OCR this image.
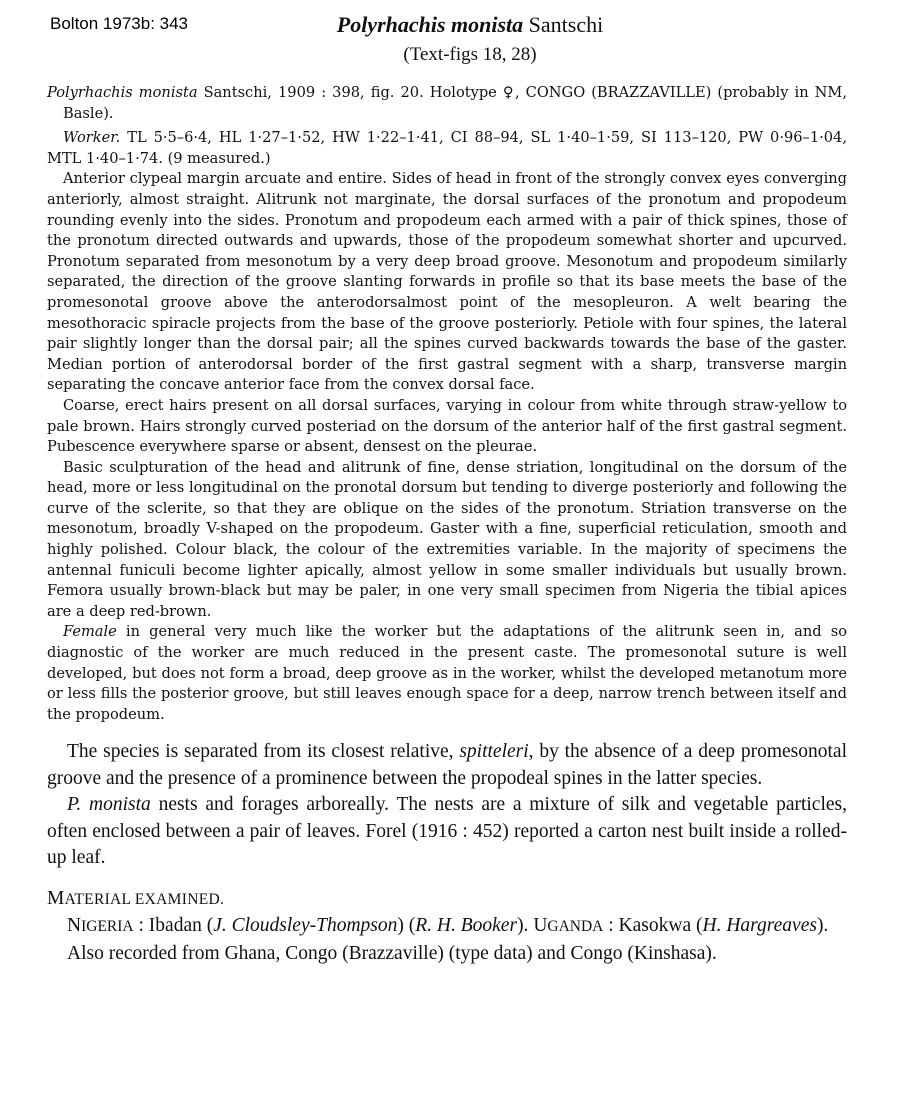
Bolton 1973b: 343	Polyrhachis monista Santschi
(Text-figs 18, 28)

Polyrhachis monista Santschi, 1909 : 398, fig. 20. Holotype ♀, CONGO (BRAZZAVILLE) (probably in NM, Basle).

Worker. TL 5·5–6·4, HL 1·27–1·52, HW 1·22–1·41, CI 88–94, SL 1·40–1·59, SI 113–120, PW 0·96–1·04, MTL 1·40–1·74. (9 measured.)

Anterior clypeal margin arcuate and entire. Sides of head in front of the strongly convex eyes converging anteriorly, almost straight. Alitrunk not marginate, the dorsal surfaces of the pronotum and propodeum rounding evenly into the sides. Pronotum and propodeum each armed with a pair of thick spines, those of the pronotum directed outwards and upwards, those of the propodeum somewhat shorter and upcurved. Pronotum separated from mesonotum by a very deep broad groove. Mesonotum and propodeum similarly separated, the direction of the groove slanting forwards in profile so that its base meets the base of the promesonotal groove above the anterodorsalmost point of the mesopleuron. A welt bearing the mesothoracic spiracle projects from the base of the groove posteriorly. Petiole with four spines, the lateral pair slightly longer than the dorsal pair; all the spines curved backwards towards the base of the gaster. Median portion of anterodorsal border of the first gastral segment with a sharp, transverse margin separating the concave anterior face from the convex dorsal face.

Coarse, erect hairs present on all dorsal surfaces, varying in colour from white through straw-yellow to pale brown. Hairs strongly curved posteriad on the dorsum of the anterior half of the first gastral segment. Pubescence everywhere sparse or absent, densest on the pleurae.

Basic sculpturation of the head and alitrunk of fine, dense striation, longitudinal on the dorsum of the head, more or less longitudinal on the pronotal dorsum but tending to diverge posteriorly and following the curve of the sclerite, so that they are oblique on the sides of the pronotum. Striation transverse on the mesonotum, broadly V-shaped on the propodeum. Gaster with a fine, superficial reticulation, smooth and highly polished. Colour black, the colour of the extremities variable. In the majority of specimens the antennal funiculi become lighter apically, almost yellow in some smaller individuals but usually brown. Femora usually brown-black but may be paler, in one very small specimen from Nigeria the tibial apices are a deep red-brown.

Female in general very much like the worker but the adaptations of the alitrunk seen in, and so diagnostic of the worker are much reduced in the present caste. The promesonotal suture is well developed, but does not form a broad, deep groove as in the worker, whilst the developed metanotum more or less fills the posterior groove, but still leaves enough space for a deep, narrow trench between itself and the propodeum.

The species is separated from its closest relative, spitteleri, by the absence of a deep promesonotal groove and the presence of a prominence between the propodeal spines in the latter species.

P. monista nests and forages arboreally. The nests are a mixture of silk and vegetable particles, often enclosed between a pair of leaves. Forel (1916 : 452) reported a carton nest built inside a rolled-up leaf.

MATERIAL EXAMINED.

NIGERIA : Ibadan (J. Cloudsley-Thompson) (R. H. Booker). UGANDA : Kasokwa (H. Hargreaves).

Also recorded from Ghana, Congo (Brazzaville) (type data) and Congo (Kinshasa).
